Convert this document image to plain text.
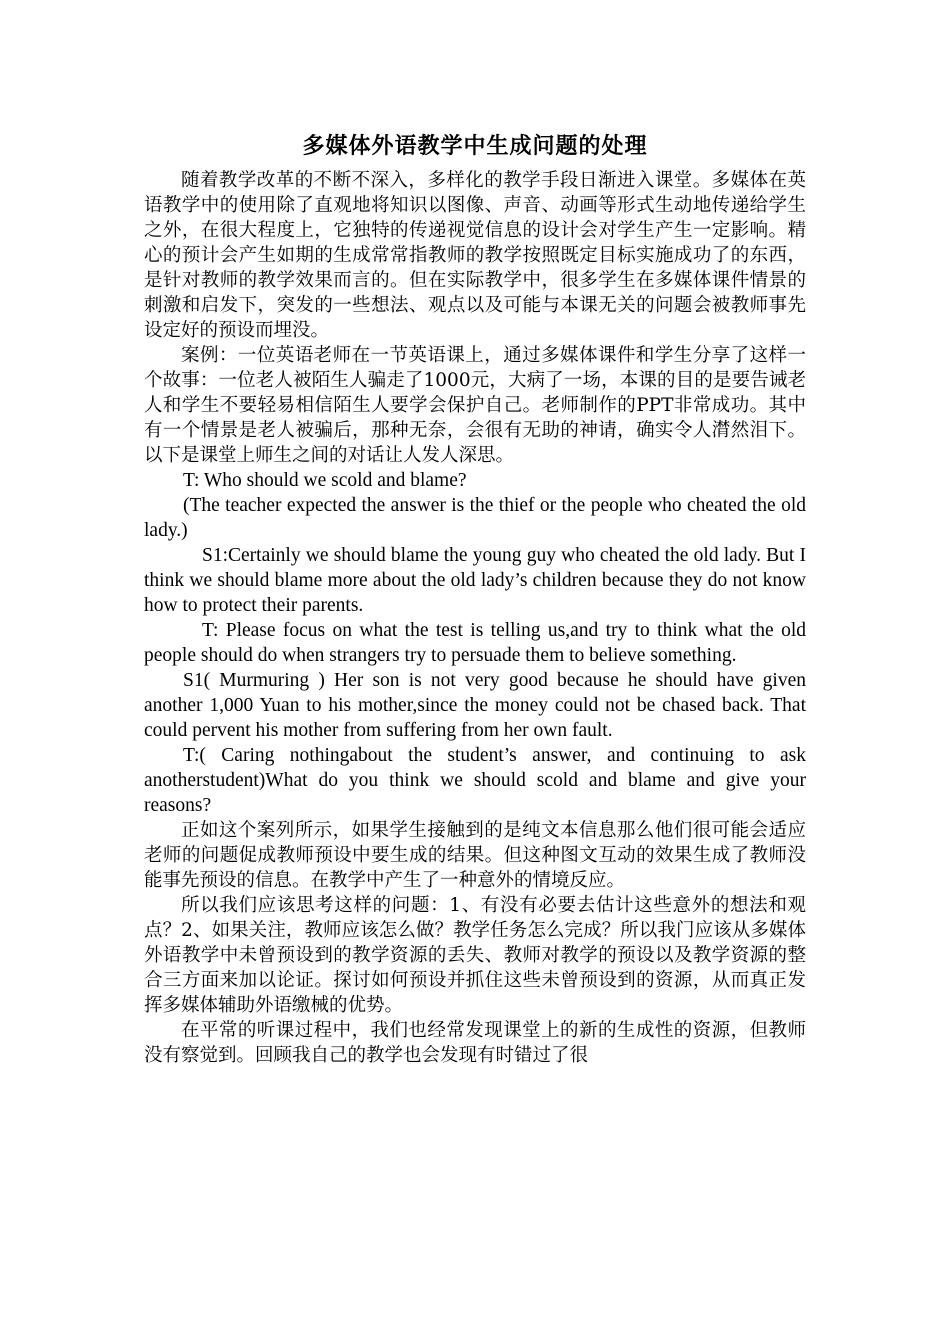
多媒体外语教学中生成问题的处理

随着教学改革的不断不深入，多样化的教学手段日渐进入课堂。多媒体在英语教学中的使用除了直观地将知识以图像、声音、动画等形式生动地传递给学生之外，在很大程度上，它独特的传递视觉信息的设计会对学生产生一定影响。精心的预计会产生如期的生成常常指教师的教学按照既定目标实施成功了的东西，是针对教师的教学效果而言的。但在实际教学中，很多学生在多媒体课件情景的刺激和启发下，突发的一些想法、观点以及可能与本课无关的问题会被教师事先设定好的预设而埋没。

案例：一位英语老师在一节英语课上，通过多媒体课件和学生分享了这样一个故事：一位老人被陌生人骗走了1000元，大病了一场，本课的目的是要告诫老人和学生不要轻易相信陌生人要学会保护自己。老师制作的PPT非常成功。其中有一个情景是老人被骗后，那种无奈，会很有无助的神请，确实令人潸然泪下。以下是课堂上师生之间的对话让人发人深思。

T: Who should we scold and blame?

(The teacher expected the answer is the thief or the people who cheated the old lady.)

S1:Certainly we should blame the young guy who cheated the old lady. But I think we should blame more about the old lady’s children because they do not know how to protect their parents.

T: Please focus on what the test is telling us,and try to think what the old people should do when strangers try to persuade them to believe something.

S1( Murmuring ) Her son is not very good because he should have given another 1,000 Yuan to his mother,since the money could not be chased back. That could pervent his mother from suffering from her own fault.

T:( Caring nothingabout the student’s answer, and continuing to ask anotherstudent)What do you think we should scold and blame and give your reasons?

正如这个案列所示，如果学生接触到的是纯文本信息那么他们很可能会适应老师的问题促成教师预设中要生成的结果。但这种图文互动的效果生成了教师没能事先预设的信息。在教学中产生了一种意外的情境反应。

所以我们应该思考这样的问题：1、有没有必要去估计这些意外的想法和观点？2、如果关注，教师应该怎么做？教学任务怎么完成？所以我门应该从多媒体外语教学中未曾预设到的教学资源的丢失、教师对教学的预设以及教学资源的整合三方面来加以论证。探讨如何预设并抓住这些未曾预设到的资源，从而真正发挥多媒体辅助外语缴械的优势。

在平常的听课过程中，我们也经常发现课堂上的新的生成性的资源，但教师没有察觉到。回顾我自己的教学也会发现有时错过了很
